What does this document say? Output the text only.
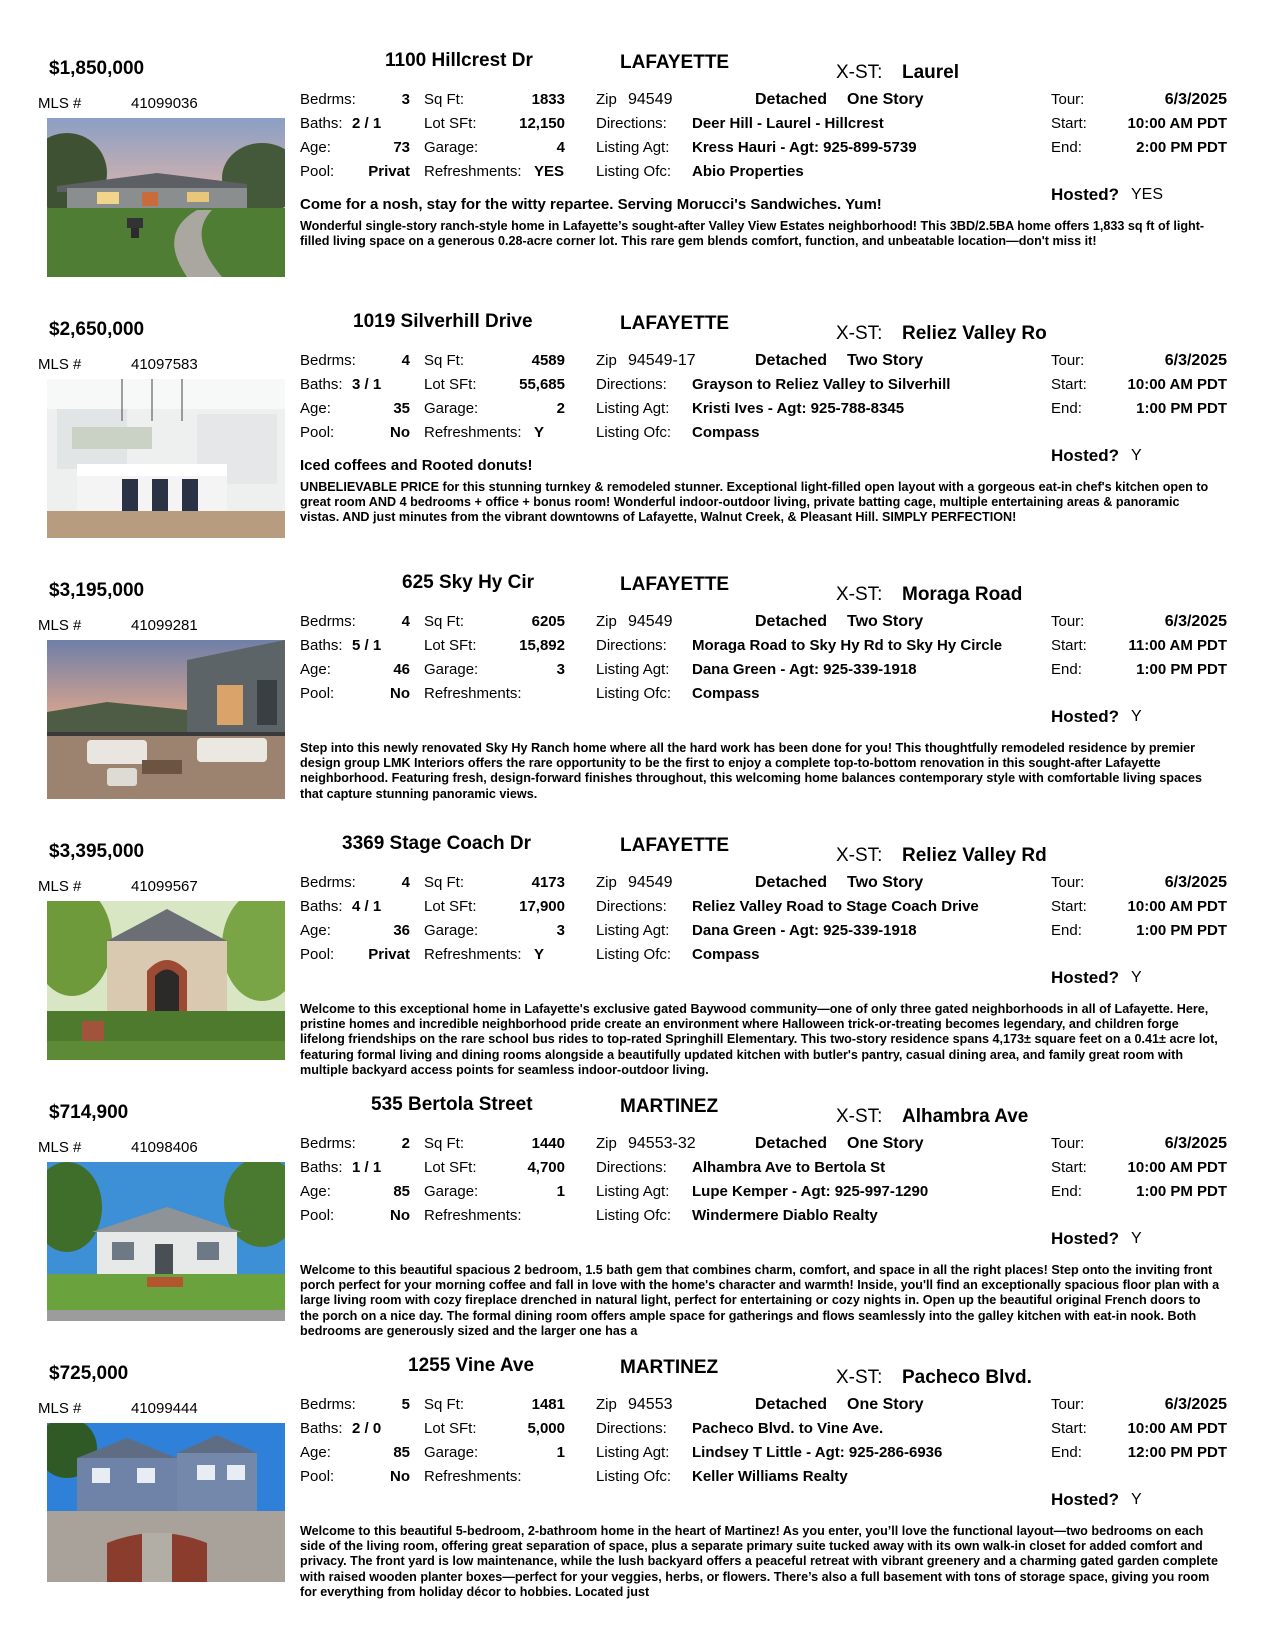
$1,850,000	1100 Hillcrest Dr	LAFAYETTE	X-ST: Laurel
MLS #	41099036	Bedrms:	3 Sq Ft:	1833
Baths: 2 / 1	Lot SFt:	12,150
Age:	73 Garage:	4
Pool:	Privat Refreshments: YES
Zip 94549	Detached One Story
Directions: Deer Hill - Laurel - Hillcrest
Listing Agt: Kress Hauri - Agt: 925-899-5739
Listing Ofc: Abio Properties
Tour:	6/3/2025
Start:	10:00 AM PDT
End:	2:00 PM PDT
Hosted? YES
Come for a nosh, stay for the witty repartee. Serving Morucci's Sandwiches. Yum!
Wonderful single-story ranch-style home in Lafayette’s sought-after Valley View Estates neighborhood! This 3BD/2.5BA home offers 1,833 sq ft of light-filled living space on a generous 0.28-acre corner lot. This rare gem blends comfort, function, and unbeatable location—don't miss it!
$2,650,000	1019 Silverhill Drive	LAFAYETTE	X-ST: Reliez Valley Ro
MLS #	41097583	Bedrms:	4 Sq Ft:	4589
Baths: 3 / 1	Lot SFt:	55,685
Age:	35 Garage:	2
Pool:	No Refreshments: Y
Zip 94549-17	Detached Two Story
Directions: Grayson to Reliez Valley to Silverhill
Listing Agt: Kristi Ives - Agt: 925-788-8345
Listing Ofc: Compass
Tour:	6/3/2025
Start:	10:00 AM PDT
End:	1:00 PM PDT
Hosted? Y
Iced coffees and Rooted donuts!
UNBELIEVABLE PRICE for this stunning turnkey & remodeled stunner. Exceptional light-filled open layout with a gorgeous eat-in chef's kitchen open to great room AND 4 bedrooms + office + bonus room! Wonderful indoor-outdoor living, private batting cage, multiple entertaining areas & panoramic vistas. AND just minutes from the vibrant downtowns of Lafayette, Walnut Creek, & Pleasant Hill. SIMPLY PERFECTION!
$3,195,000	625 Sky Hy Cir	LAFAYETTE	X-ST: Moraga Road
MLS #	41099281	Bedrms:	4 Sq Ft:	6205
Baths: 5 / 1	Lot SFt:	15,892
Age:	46 Garage:	3
Pool:	No Refreshments:
Zip 94549	Detached Two Story
Directions: Moraga Road to Sky Hy Rd to Sky Hy Circle
Listing Agt: Dana Green - Agt: 925-339-1918
Listing Ofc: Compass
Tour:	6/3/2025
Start:	11:00 AM PDT
End:	1:00 PM PDT
Hosted? Y
Step into this newly renovated Sky Hy Ranch home where all the hard work has been done for you! This thoughtfully remodeled residence by premier design group LMK Interiors offers the rare opportunity to be the first to enjoy a complete top-to-bottom renovation in this sought-after Lafayette neighborhood. Featuring fresh, design-forward finishes throughout, this welcoming home balances contemporary style with comfortable living spaces that capture stunning panoramic views.
$3,395,000	3369 Stage Coach Dr	LAFAYETTE	X-ST: Reliez Valley Rd
MLS #	41099567	Bedrms:	4 Sq Ft:	4173
Baths: 4 / 1	Lot SFt:	17,900
Age:	36 Garage:	3
Pool:	Privat Refreshments: Y
Zip 94549	Detached Two Story
Directions: Reliez Valley Road to Stage Coach Drive
Listing Agt: Dana Green - Agt: 925-339-1918
Listing Ofc: Compass
Tour:	6/3/2025
Start:	10:00 AM PDT
End:	1:00 PM PDT
Hosted? Y
Welcome to this exceptional home in Lafayette's exclusive gated Baywood community—one of only three gated neighborhoods in all of Lafayette. Here, pristine homes and incredible neighborhood pride create an environment where Halloween trick-or-treating becomes legendary, and children forge lifelong friendships on the rare school bus rides to top-rated Springhill Elementary. This two-story residence spans 4,173± square feet on a 0.41± acre lot, featuring formal living and dining rooms alongside a beautifully updated kitchen with butler's pantry, casual dining area, and family great room with multiple backyard access points for seamless indoor-outdoor living.
$714,900	535 Bertola Street	MARTINEZ	X-ST: Alhambra Ave
MLS #	41098406	Bedrms:	2 Sq Ft:	1440
Baths: 1 / 1	Lot SFt:	4,700
Age:	85 Garage:	1
Pool:	No Refreshments:
Zip 94553-32	Detached One Story
Directions: Alhambra Ave to Bertola St
Listing Agt: Lupe Kemper - Agt: 925-997-1290
Listing Ofc: Windermere Diablo Realty
Tour:	6/3/2025
Start:	10:00 AM PDT
End:	1:00 PM PDT
Hosted? Y
Welcome to this beautiful spacious 2 bedroom, 1.5 bath gem that combines charm, comfort, and space in all the right places! Step onto the inviting front porch perfect for your morning coffee and fall in love with the home's character and warmth! Inside, you'll find an exceptionally spacious floor plan with a large living room with cozy fireplace drenched in natural light, perfect for entertaining or cozy nights in. Open up the beautiful original French doors to the porch on a nice day. The formal dining room offers ample space for gatherings and flows seamlessly into the galley kitchen with eat-in nook. Both bedrooms are generously sized and the larger one has a
$725,000	1255 Vine Ave	MARTINEZ	X-ST: Pacheco Blvd.
MLS #	41099444	Bedrms:	5 Sq Ft:	1481
Baths: 2 / 0	Lot SFt:	5,000
Age:	85 Garage:	1
Pool:	No Refreshments:
Zip 94553	Detached One Story
Directions: Pacheco Blvd. to Vine Ave.
Listing Agt: Lindsey T Little - Agt: 925-286-6936
Listing Ofc: Keller Williams Realty
Tour:	6/3/2025
Start:	10:00 AM PDT
End:	12:00 PM PDT
Hosted? Y
Welcome to this beautiful 5-bedroom, 2-bathroom home in the heart of Martinez! As you enter, you’ll love the functional layout—two bedrooms on each side of the living room, offering great separation of space, plus a separate primary suite tucked away with its own walk-in closet for added comfort and privacy. The front yard is low maintenance, while the lush backyard offers a peaceful retreat with vibrant greenery and a charming gated garden complete with raised wooden planter boxes—perfect for your veggies, herbs, or flowers. There’s also a full basement with tons of storage space, giving you room for everything from holiday décor to hobbies. Located just
